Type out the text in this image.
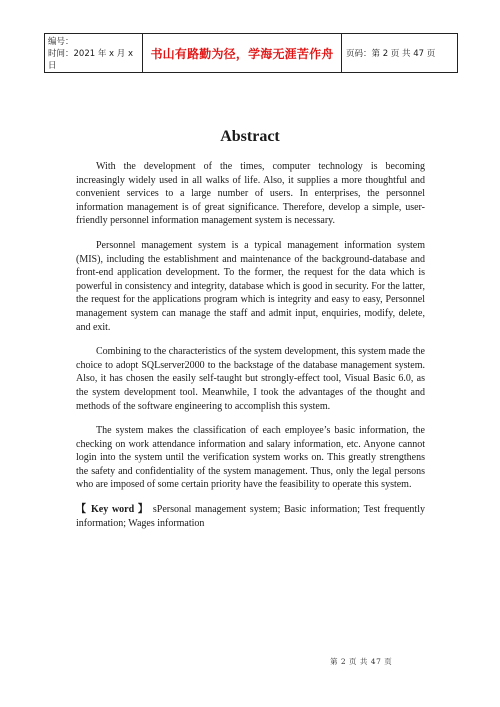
编号：
时间：2021 年 x 月 x 日
书山有路勤为径，学海无涯苦作舟 页码：第 2 页 共 47 页
Abstract

With the development of the times, computer technology is becoming increasingly widely used in all walks of life. Also, it supplies a more thoughtful and convenient services to a large number of users. In enterprises, the personnel information management is of great significance. Therefore, develop a simple, user-friendly personnel information management system is necessary.

Personnel management system is a typical management information system (MIS), including the establishment and maintenance of the background-database and front-end application development. To the former, the request for the data which is powerful in consistency and integrity, database which is good in security. For the latter, the request for the applications program which is integrity and easy to easy, Personnel management system can manage the staff and admit input, enquiries, modify, delete, and exit.

Combining to the characteristics of the system development, this system made the choice to adopt SQLserver2000 to the backstage of the database management system. Also, it has chosen the easily self-taught but strongly-effect tool, Visual Basic 6.0, as the system development tool. Meanwhile, I took the advantages of the thought and methods of the software engineering to accomplish this system.

The system makes the classification of each employee’s basic information, the checking on work attendance information and salary information, etc. Anyone cannot login into the system until the verification system works on. This greatly strengthens the safety and confidentiality of the system management. Thus, only the legal persons who are imposed of some certain priority have the feasibility to operate this system.

【 Key word 】 sPersonal management system; Basic information; Test frequently information; Wages information
第 2 页 共 47 页
